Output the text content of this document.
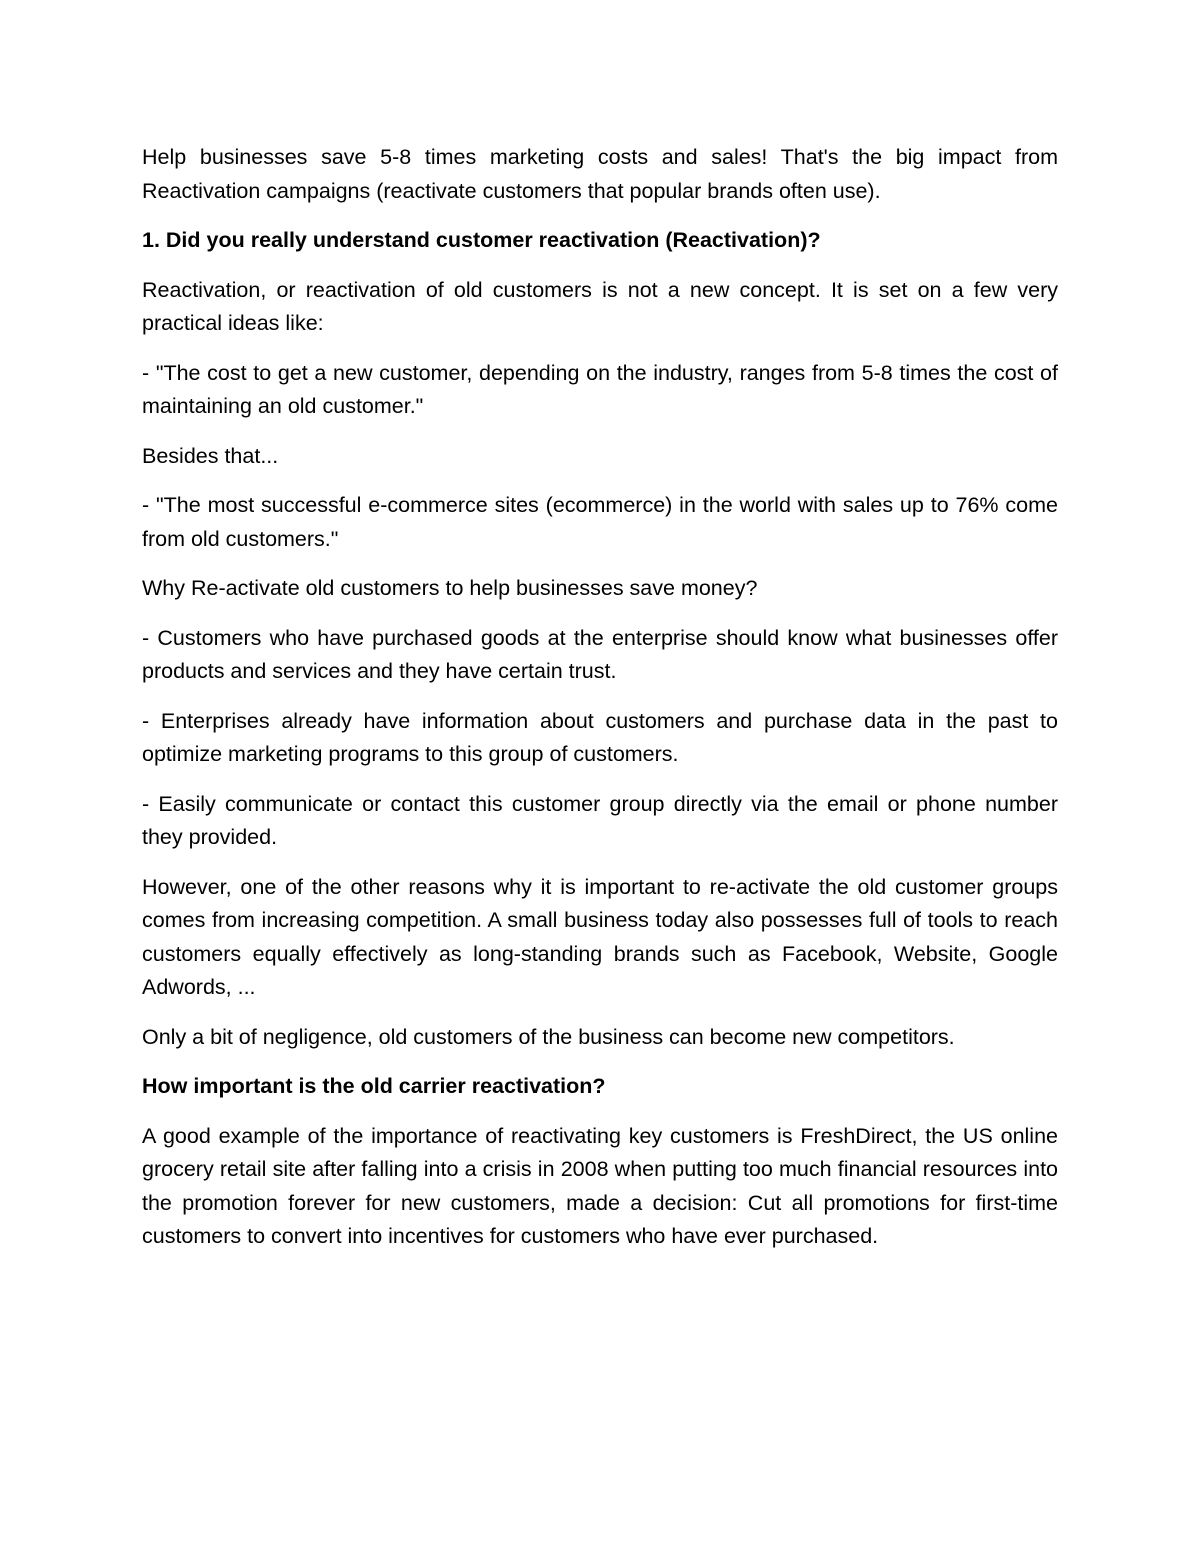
Help businesses save 5-8 times marketing costs and sales! That's the big impact from Reactivation campaigns (reactivate customers that popular brands often use).

1. Did you really understand customer reactivation (Reactivation)?

Reactivation, or reactivation of old customers is not a new concept. It is set on a few very practical ideas like:

- "The cost to get a new customer, depending on the industry, ranges from 5-8 times the cost of maintaining an old customer."

Besides that...

- "The most successful e-commerce sites (ecommerce) in the world with sales up to 76% come from old customers."

Why Re-activate old customers to help businesses save money?

- Customers who have purchased goods at the enterprise should know what businesses offer products and services and they have certain trust.

- Enterprises already have information about customers and purchase data in the past to optimize marketing programs to this group of customers.

- Easily communicate or contact this customer group directly via the email or phone number they provided.

However, one of the other reasons why it is important to re-activate the old customer groups comes from increasing competition. A small business today also possesses full of tools to reach customers equally effectively as long-standing brands such as Facebook, Website, Google Adwords, ...

Only a bit of negligence, old customers of the business can become new competitors.

How important is the old carrier reactivation?

A good example of the importance of reactivating key customers is FreshDirect, the US online grocery retail site after falling into a crisis in 2008 when putting too much financial resources into the promotion forever for new customers, made a decision: Cut all promotions for first-time customers to convert into incentives for customers who have ever purchased.
